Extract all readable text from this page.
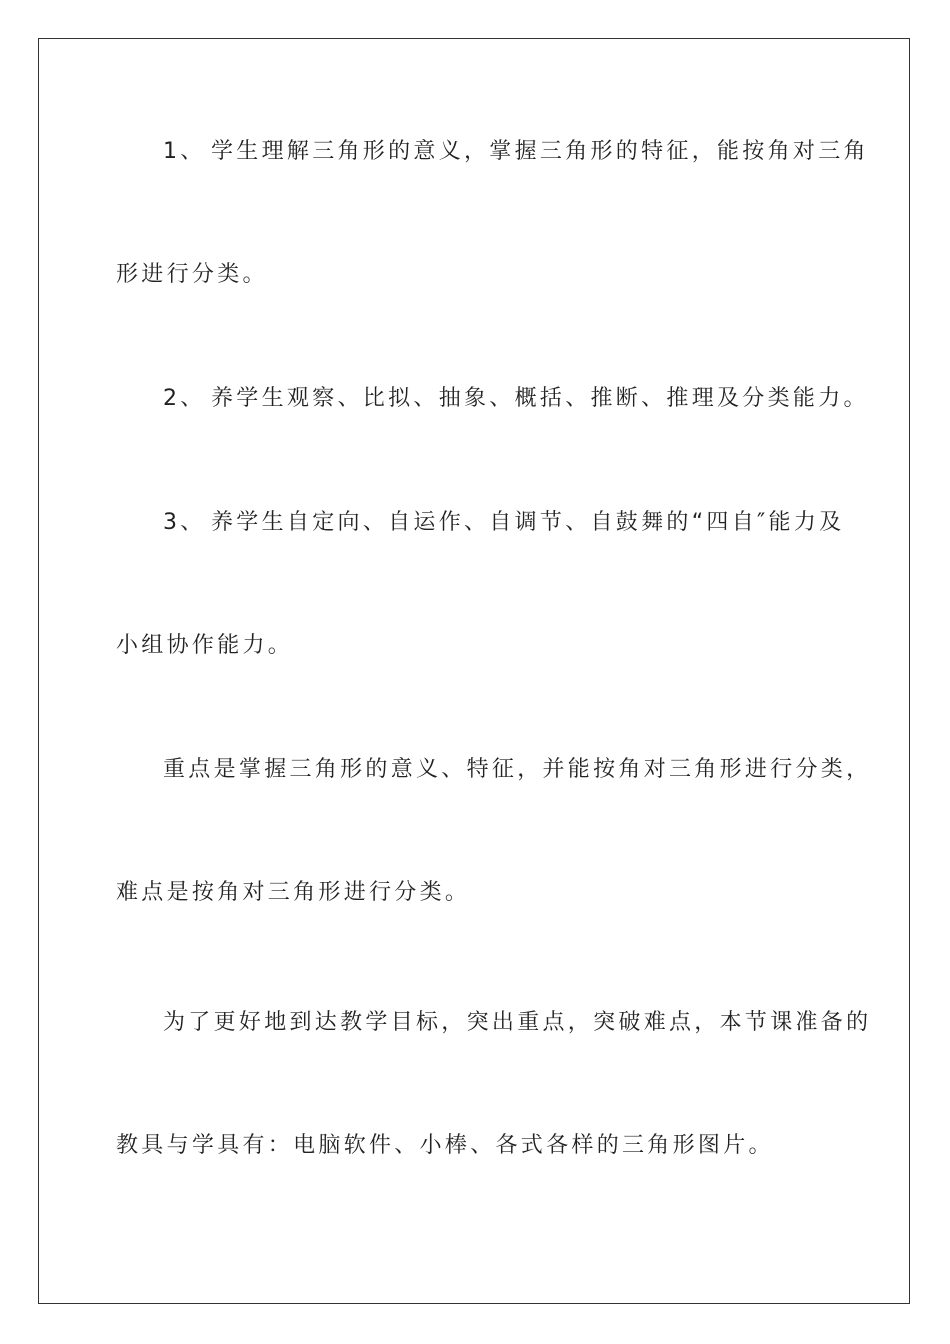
1、 学生理解三角形的意义，掌握三角形的特征，能按角对三角
形进行分类。
2、 养学生观察、比拟、抽象、概括、推断、推理及分类能力。
3、 养学生自定向、自运作、自调节、自鼓舞的“四自″能力及
小组协作能力。
重点是掌握三角形的意义、特征，并能按角对三角形进行分类，
难点是按角对三角形进行分类。
为了更好地到达教学目标，突出重点，突破难点，本节课准备的
教具与学具有：电脑软件、小棒、各式各样的三角形图片。
